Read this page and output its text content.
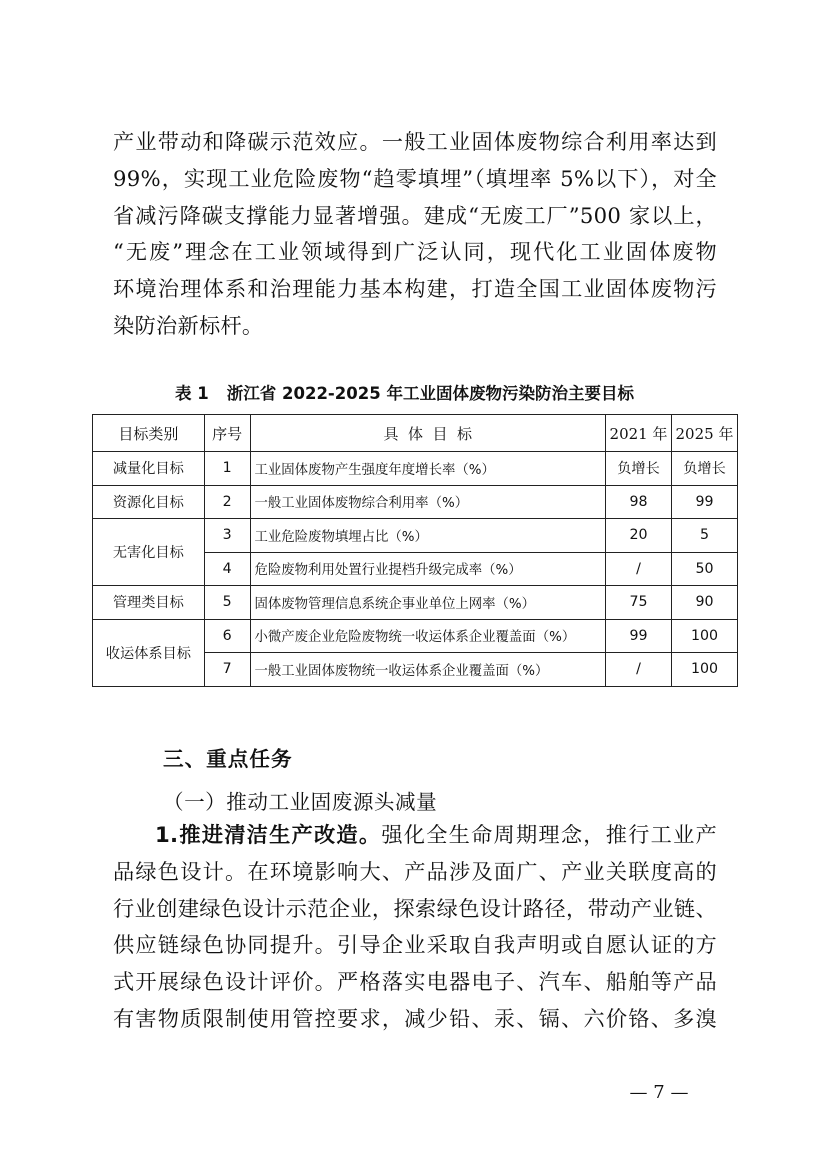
产业带动和降碳示范效应。一般工业固体废物综合利用率达到
99%，实现工业危险废物“趋零填埋”（填埋率 5%以下），对全
省减污降碳支撑能力显著增强。建成“无废工厂”500 家以上，
“无废”理念在工业领域得到广泛认同，现代化工业固体废物
环境治理体系和治理能力基本构建，打造全国工业固体废物污
染防治新标杆。
表 1 浙江省 2022-2025 年工业固体废物污染防治主要目标
目标类别	序号	具  体  目  标	2021 年	2025 年
减量化目标	1	工业固体废物产生强度年度增长率（%）	负增长	负增长
资源化目标	2	一般工业固体废物综合利用率（%）	98	99
无害化目标	3	工业危险废物填埋占比（%）	20	5
	4	危险废物利用处置行业提档升级完成率（%）	/	50
管理类目标	5	固体废物管理信息系统企事业单位上网率（%）	75	90
收运体系目标	6	小微产废企业危险废物统一收运体系企业覆盖面（%）	99	100
	7	一般工业固体废物统一收运体系企业覆盖面（%）	/	100
三、重点任务
（一）推动工业固废源头减量
1.推进清洁生产改造。强化全生命周期理念，推行工业产
品绿色设计。在环境影响大、产品涉及面广、产业关联度高的
行业创建绿色设计示范企业，探索绿色设计路径，带动产业链、
供应链绿色协同提升。引导企业采取自我声明或自愿认证的方
式开展绿色设计评价。严格落实电器电子、汽车、船舶等产品
有害物质限制使用管控要求，减少铅、汞、镉、六价铬、多溴
— 7 —
